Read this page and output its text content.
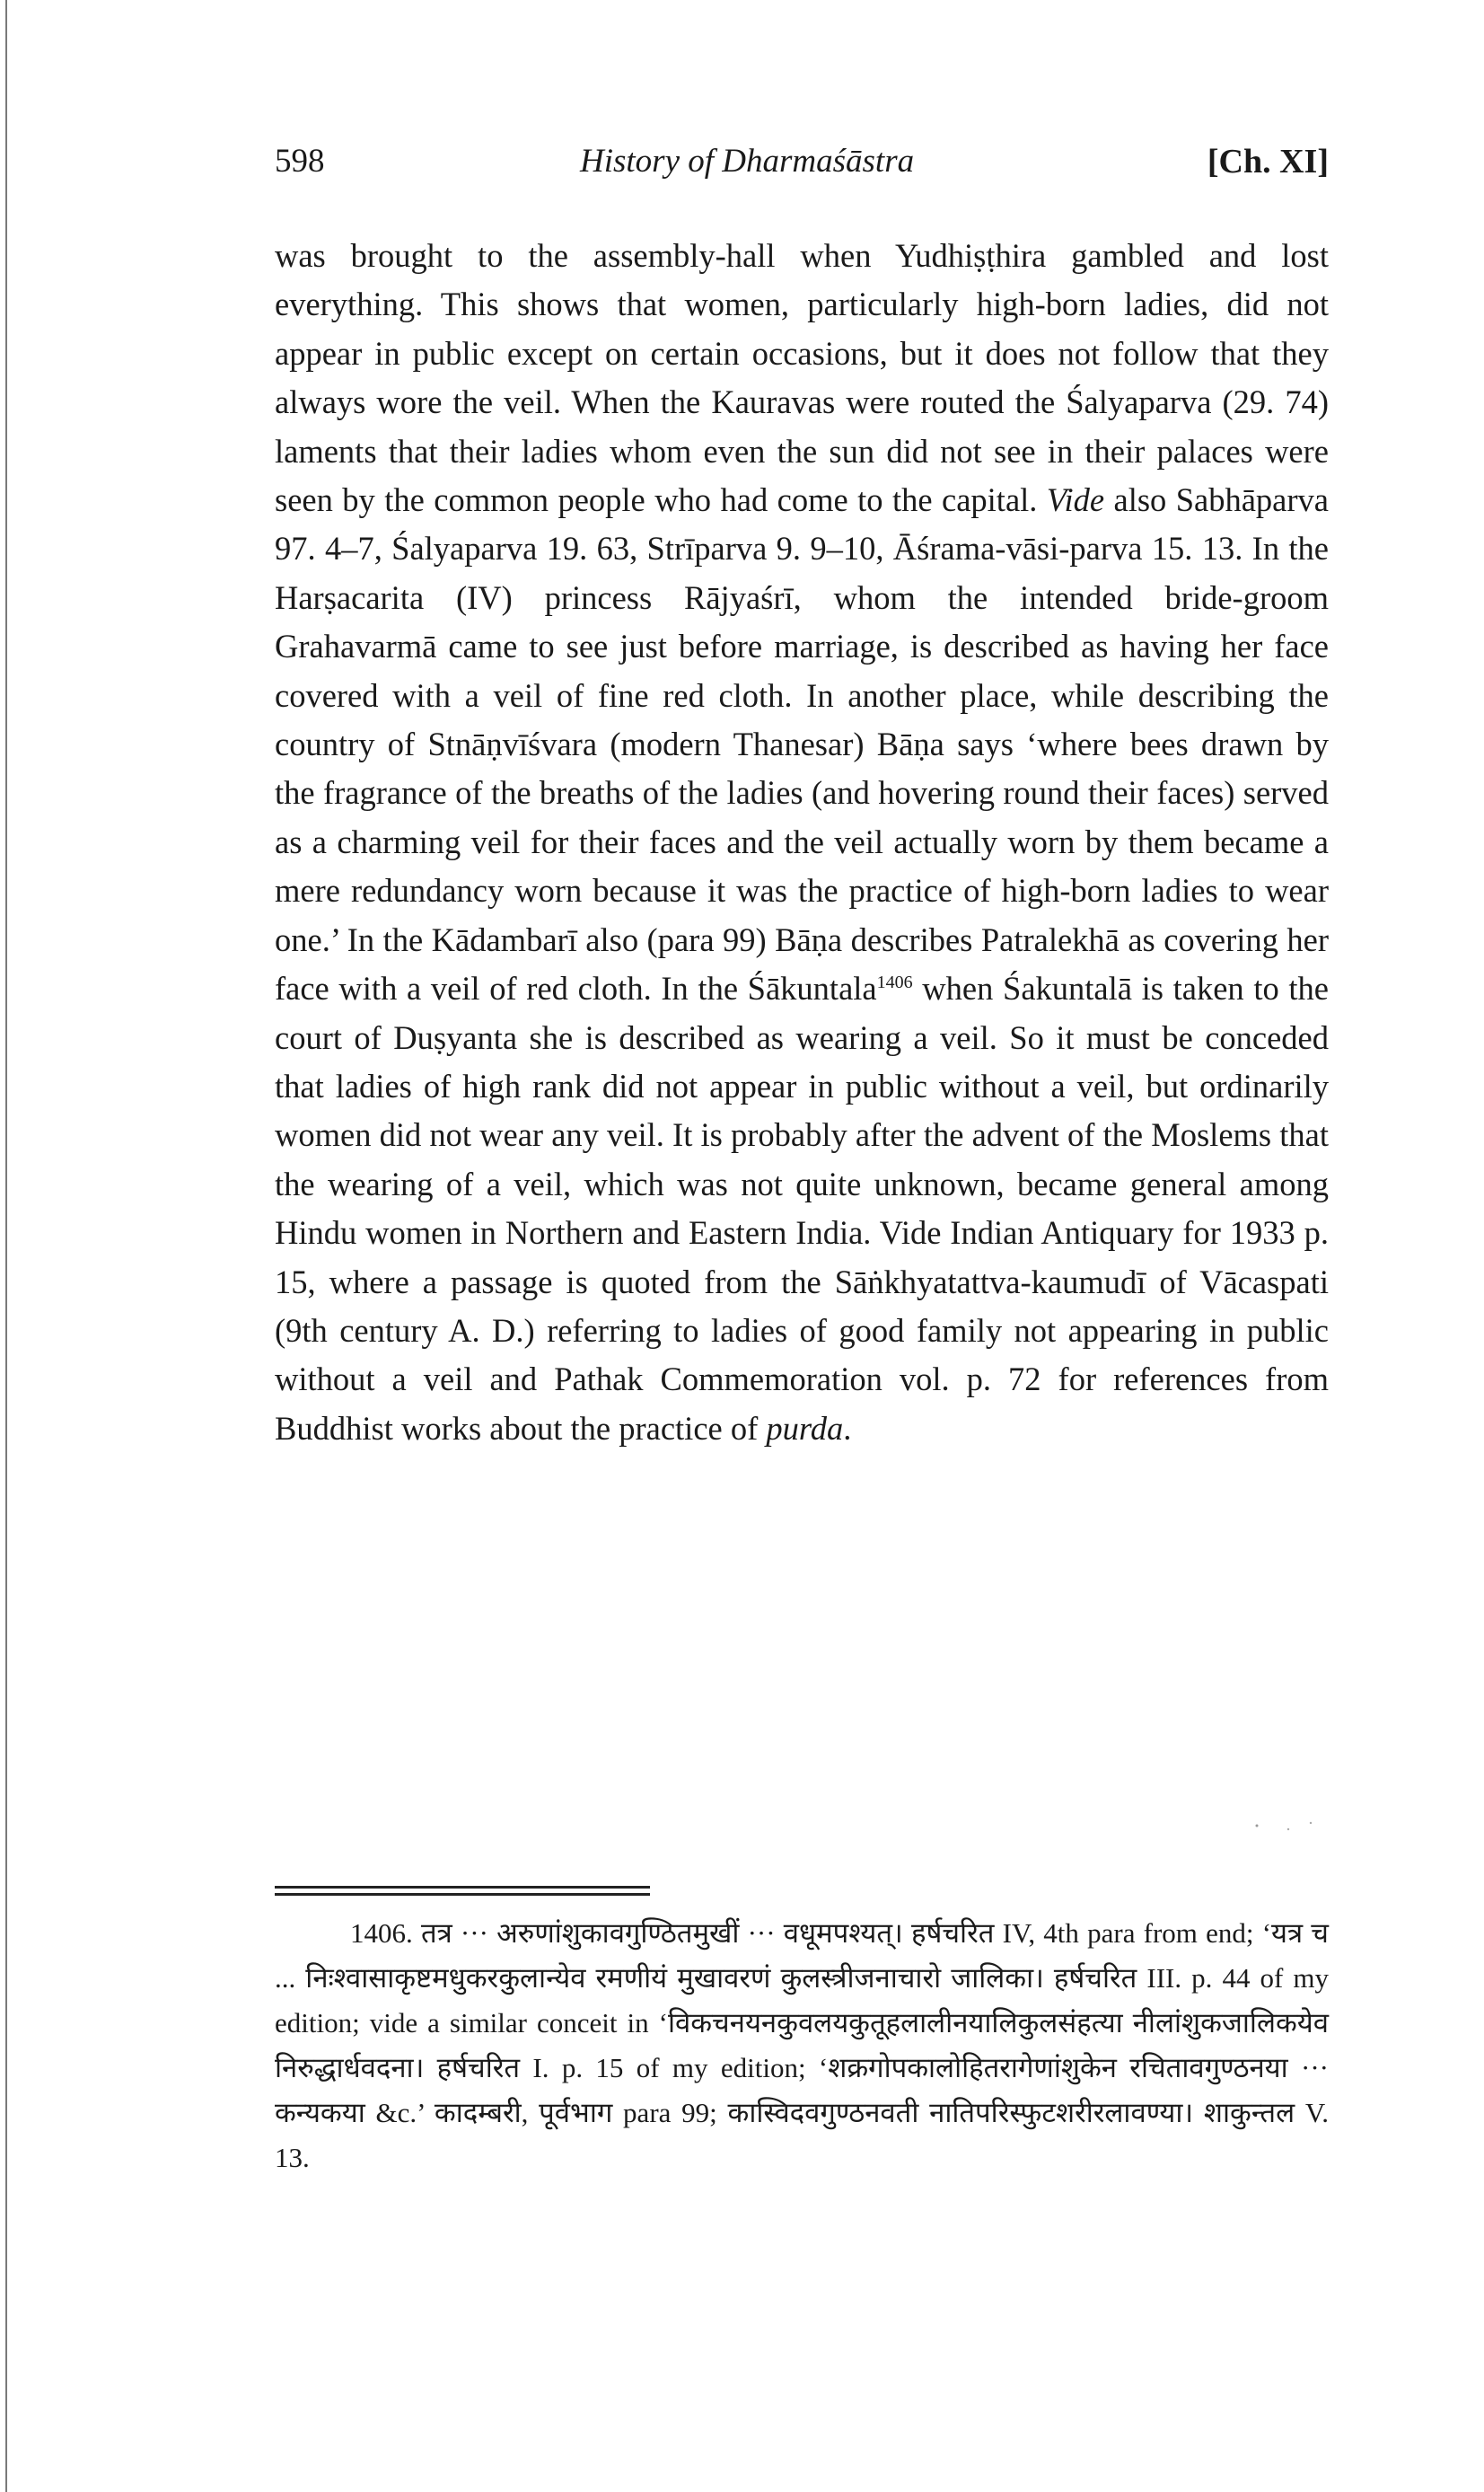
598	History of Dharmaśāstra	[Ch. XI]

was brought to the assembly-hall when Yudhiṣṭhira gambled and lost everything. This shows that women, particularly high-born ladies, did not appear in public except on certain occasions, but it does not follow that they always wore the veil. When the Kauravas were routed the Śalyaparva (29. 74) laments that their ladies whom even the sun did not see in their palaces were seen by the common people who had come to the capital. Vide also Sabhāparva 97. 4–7, Śalyaparva 19. 63, Strīparva 9. 9–10, Āśrama-vāsi-parva 15. 13. In the Harṣacarita (IV) princess Rājyaśrī, whom the intended bride-groom Grahavarmā came to see just before marriage, is described as having her face covered with a veil of fine red cloth. In another place, while describing the country of Stnāṇvīśvara (modern Thanesar) Bāṇa says ‘where bees drawn by the fragrance of the breaths of the ladies (and hovering round their faces) served as a charming veil for their faces and the veil actually worn by them became a mere redundancy worn because it was the practice of high-born ladies to wear one.’ In the Kādambarī also (para 99) Bāṇa describes Patralekhā as covering her face with a veil of red cloth. In the Śākuntala$^{1406}$ when Śakuntalā is taken to the court of Duṣyanta she is described as wearing a veil. So it must be conceded that ladies of high rank did not appear in public without a veil, but ordinarily women did not wear any veil. It is probably after the advent of the Moslems that the wearing of a veil, which was not quite unknown, became general among Hindu women in Northern and Eastern India. Vide Indian Antiquary for 1933 p. 15, where a passage is quoted from the Sāṅkhyatattva-kaumudī of Vācaspati (9th century A. D.) referring to ladies of good family not appearing in public without a veil and Pathak Commemoration vol. p. 72 for references from Buddhist works about the practice of purda.

1406. तत्र ··· अरुणांशुकावगुण्ठितमुखीं ··· वधूमपश्यत्। हर्षचरित IV, 4th para from end; ‘यत्र च ... निःश्वासाकृष्टमधुकरकुलान्येव रमणीयं मुखावरणं कुलस्त्रीजनाचारो जालिका। हर्षचरित III. p. 44 of my edition; vide a similar conceit in ‘विकचनयनकुवलयकुतूहलालीनयालिकुलसंहत्या नीलांशुकजालिकयेव निरुद्धार्धवदना। हर्षचरित I. p. 15 of my edition; ‘शक्रगोपकालोहितरागेणांशुकेन रचितावगुण्ठनया ··· कन्यकया &c.’ कादम्बरी, पूर्वभाग para 99; कास्विदवगुण्ठनवती नातिपरिस्फुटशरीरलावण्या। शाकुन्तल V. 13.
